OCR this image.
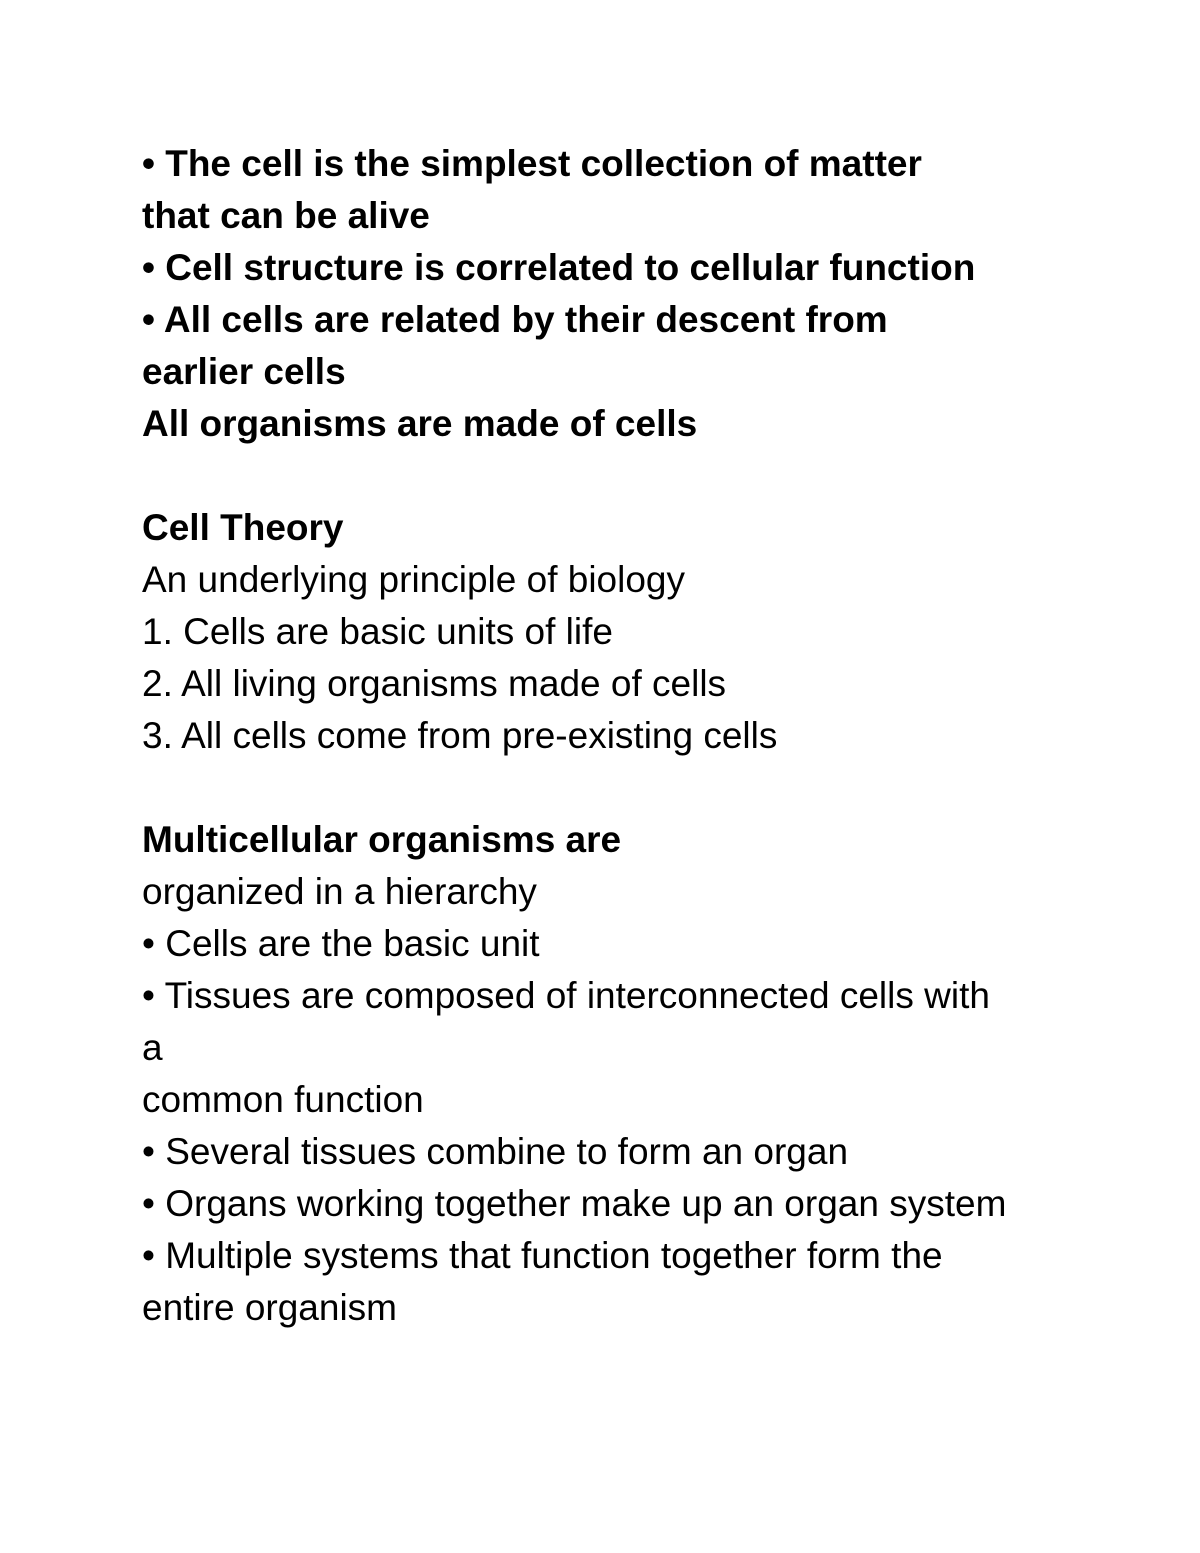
• The cell is the simplest collection of matter
that can be alive
• Cell structure is correlated to cellular function
• All cells are related by their descent from
earlier cells
All organisms are made of cells
Cell Theory
An underlying principle of biology
1. Cells are basic units of life
2. All living organisms made of cells
3. All cells come from pre-existing cells
Multicellular organisms are
organized in a hierarchy
• Cells are the basic unit
• Tissues are composed of interconnected cells with
a
common function
• Several tissues combine to form an organ
• Organs working together make up an organ system
• Multiple systems that function together form the
entire organism
